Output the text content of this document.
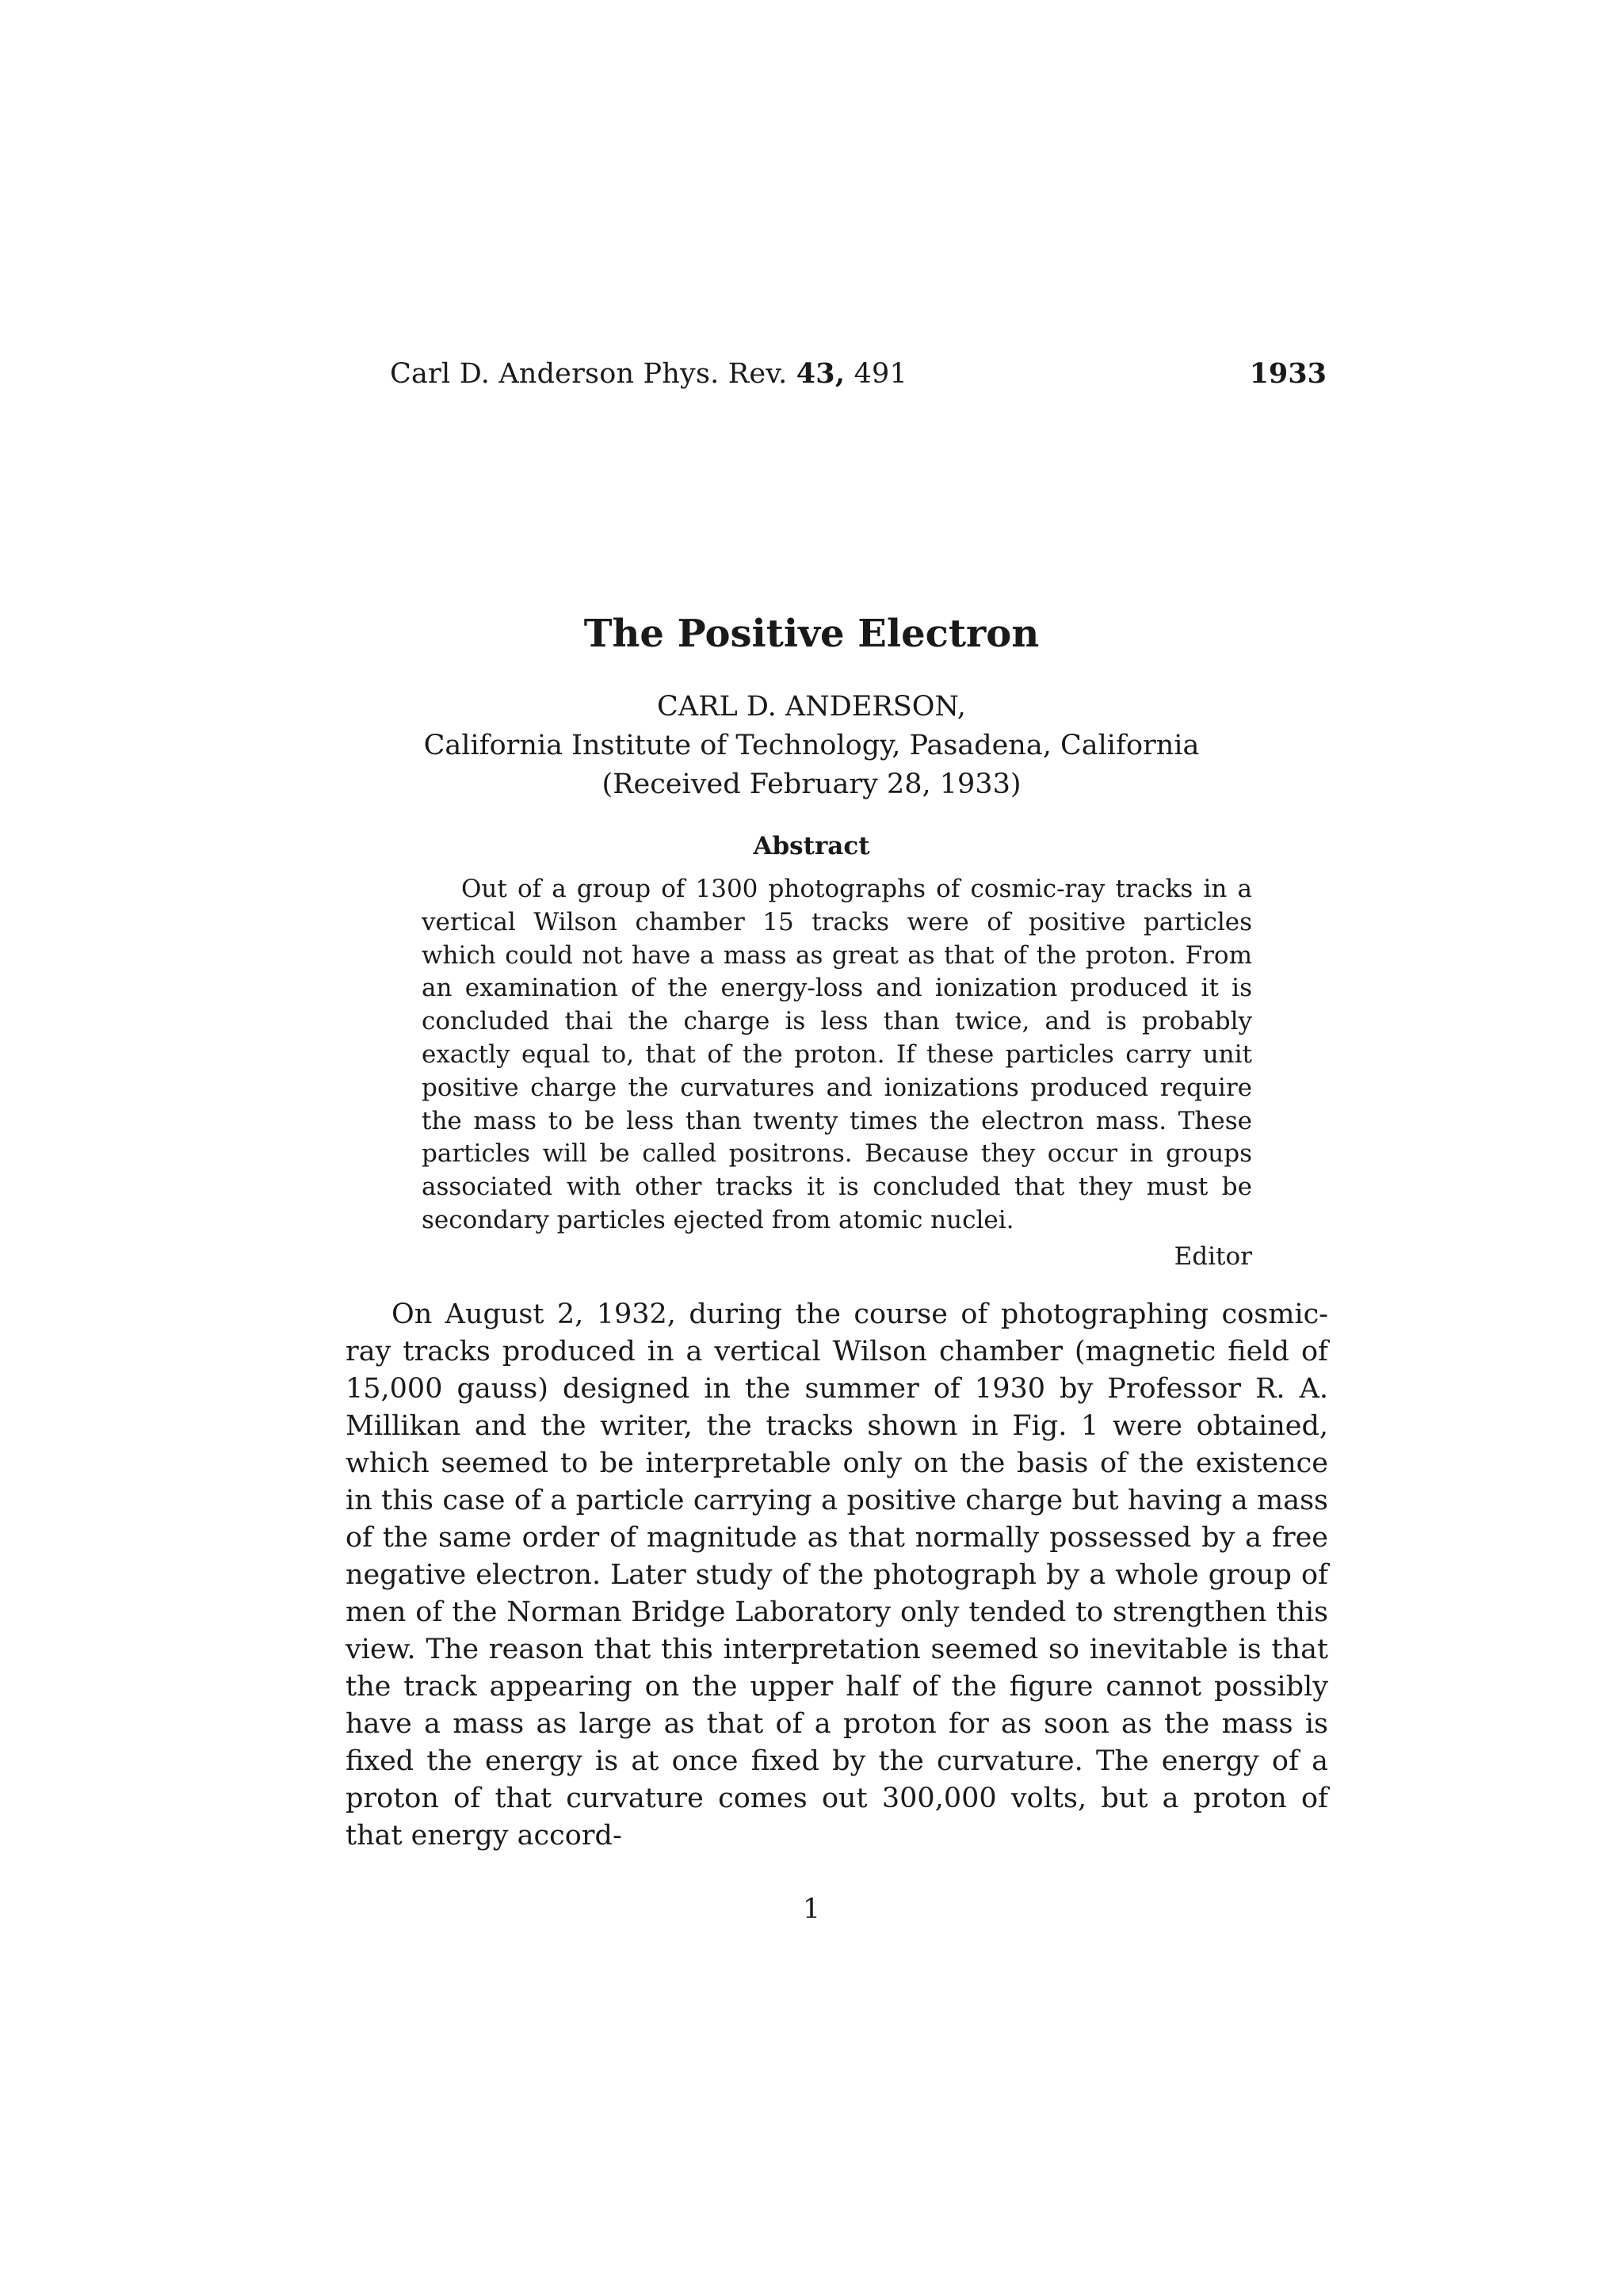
Carl D. Anderson Phys. Rev. 43, 491	1933
The Positive Electron
CARL D. ANDERSON,
California Institute of Technology, Pasadena, California
(Received February 28, 1933)
Abstract

Out of a group of 1300 photographs of cosmic-ray tracks in a vertical Wilson chamber 15 tracks were of positive particles which could not have a mass as great as that of the proton. From an examination of the energy-loss and ionization produced it is concluded thai the charge is less than twice, and is probably exactly equal to, that of the proton. If these particles carry unit positive charge the curvatures and ionizations produced require the mass to be less than twenty times the electron mass. These particles will be called positrons. Because they occur in groups associated with other tracks it is concluded that they must be secondary particles ejected from atomic nuclei.

Editor

On August 2, 1932, during the course of photographing cosmic-ray tracks produced in a vertical Wilson chamber (magnetic field of 15,000 gauss) designed in the summer of 1930 by Professor R. A. Millikan and the writer, the tracks shown in Fig. 1 were obtained, which seemed to be interpretable only on the basis of the existence in this case of a particle carrying a positive charge but having a mass of the same order of magnitude as that normally possessed by a free negative electron. Later study of the photograph by a whole group of men of the Norman Bridge Laboratory only tended to strengthen this view. The reason that this interpretation seemed so inevitable is that the track appearing on the upper half of the figure cannot possibly have a mass as large as that of a proton for as soon as the mass is fixed the energy is at once fixed by the curvature. The energy of a proton of that curvature comes out 300,000 volts, but a proton of that energy accord-

1
